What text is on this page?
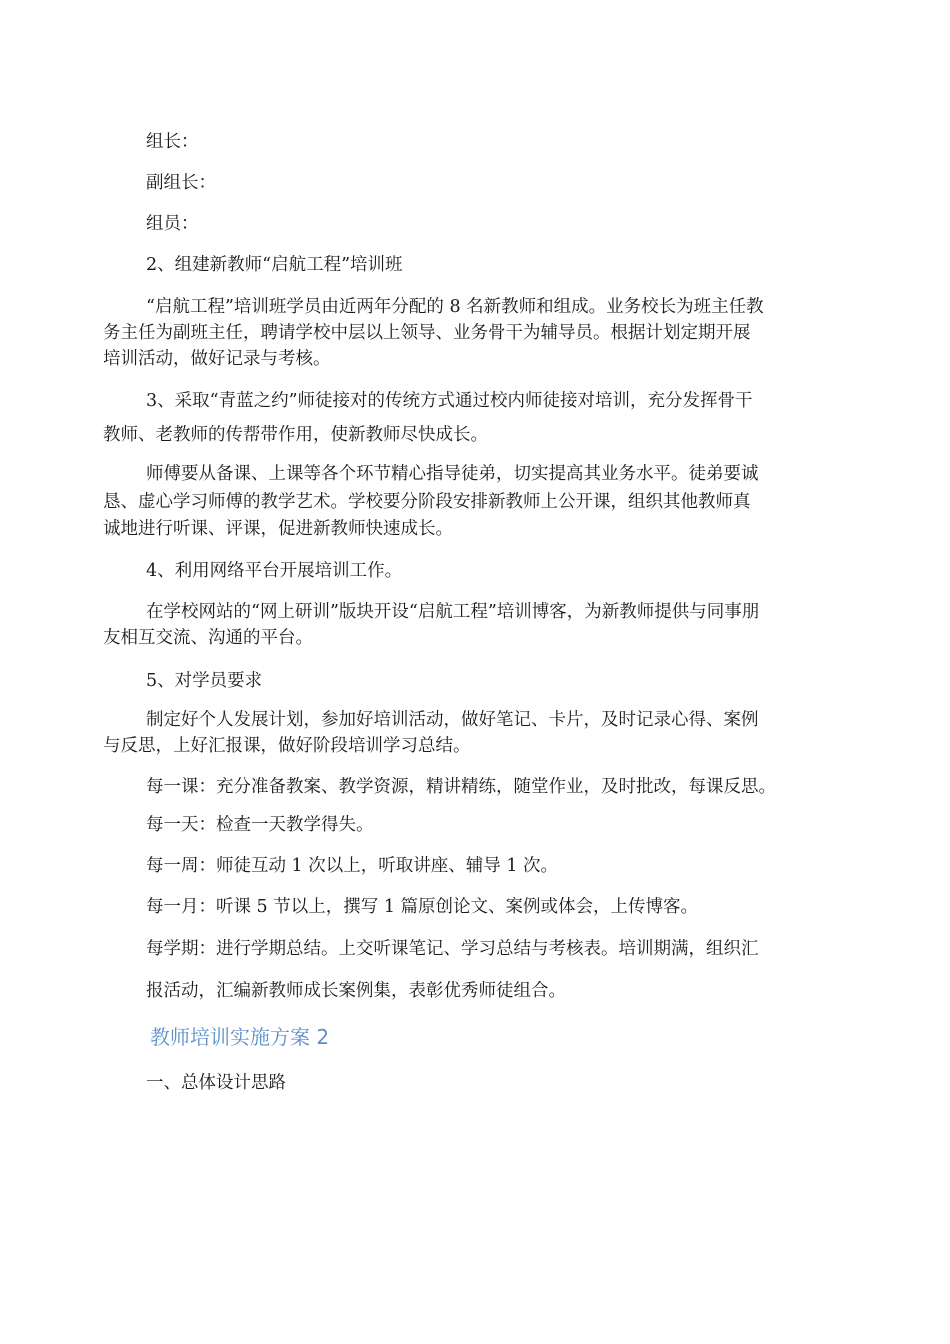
组长：
副组长：
组员：
2、组建新教师“启航工程”培训班
“启航工程”培训班学员由近两年分配的 8 名新教师和组成。业务校长为班主任教
务主任为副班主任，聘请学校中层以上领导、业务骨干为辅导员。根据计划定期开展
培训活动，做好记录与考核。
3、采取“青蓝之约”师徒接对的传统方式通过校内师徒接对培训，充分发挥骨干
教师、老教师的传帮带作用，使新教师尽快成长。
师傅要从备课、上课等各个环节精心指导徒弟，切实提高其业务水平。徒弟要诚
恳、虚心学习师傅的教学艺术。学校要分阶段安排新教师上公开课，组织其他教师真
诚地进行听课、评课，促进新教师快速成长。
4、利用网络平台开展培训工作。
在学校网站的“网上研训”版块开设“启航工程”培训博客，为新教师提供与同事朋
友相互交流、沟通的平台。
5、对学员要求
制定好个人发展计划，参加好培训活动，做好笔记、卡片，及时记录心得、案例
与反思，上好汇报课，做好阶段培训学习总结。
每一课：充分准备教案、教学资源，精讲精练，随堂作业，及时批改，每课反思。
每一天：检查一天教学得失。
每一周：师徒互动 1 次以上，听取讲座、辅导 1 次。
每一月：听课 5 节以上，撰写 1 篇原创论文、案例或体会，上传博客。
每学期：进行学期总结。上交听课笔记、学习总结与考核表。培训期满，组织汇
报活动，汇编新教师成长案例集，表彰优秀师徒组合。
教师培训实施方案 2
一、总体设计思路
